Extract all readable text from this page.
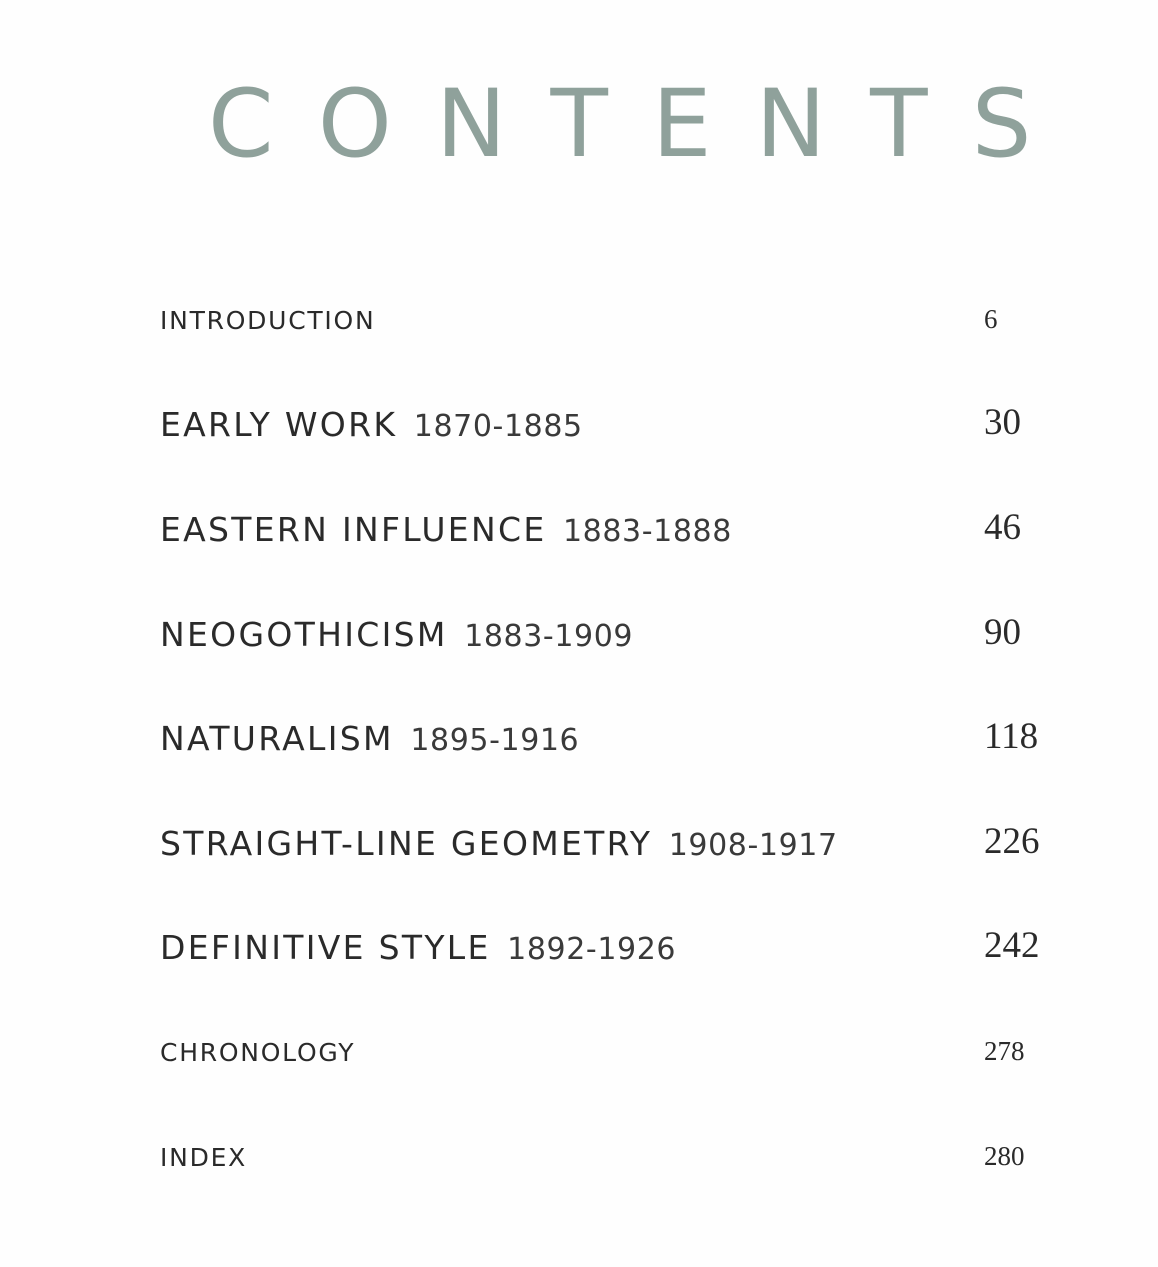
CONTENTS
INTRODUCTION	6
EARLY WORK 1870-1885	30
EASTERN INFLUENCE 1883-1888	46
NEOGOTHICISM 1883-1909	90
NATURALISM 1895-1916	118
STRAIGHT-LINE GEOMETRY 1908-1917	226
DEFINITIVE STYLE 1892-1926	242
CHRONOLOGY	278
INDEX	280
